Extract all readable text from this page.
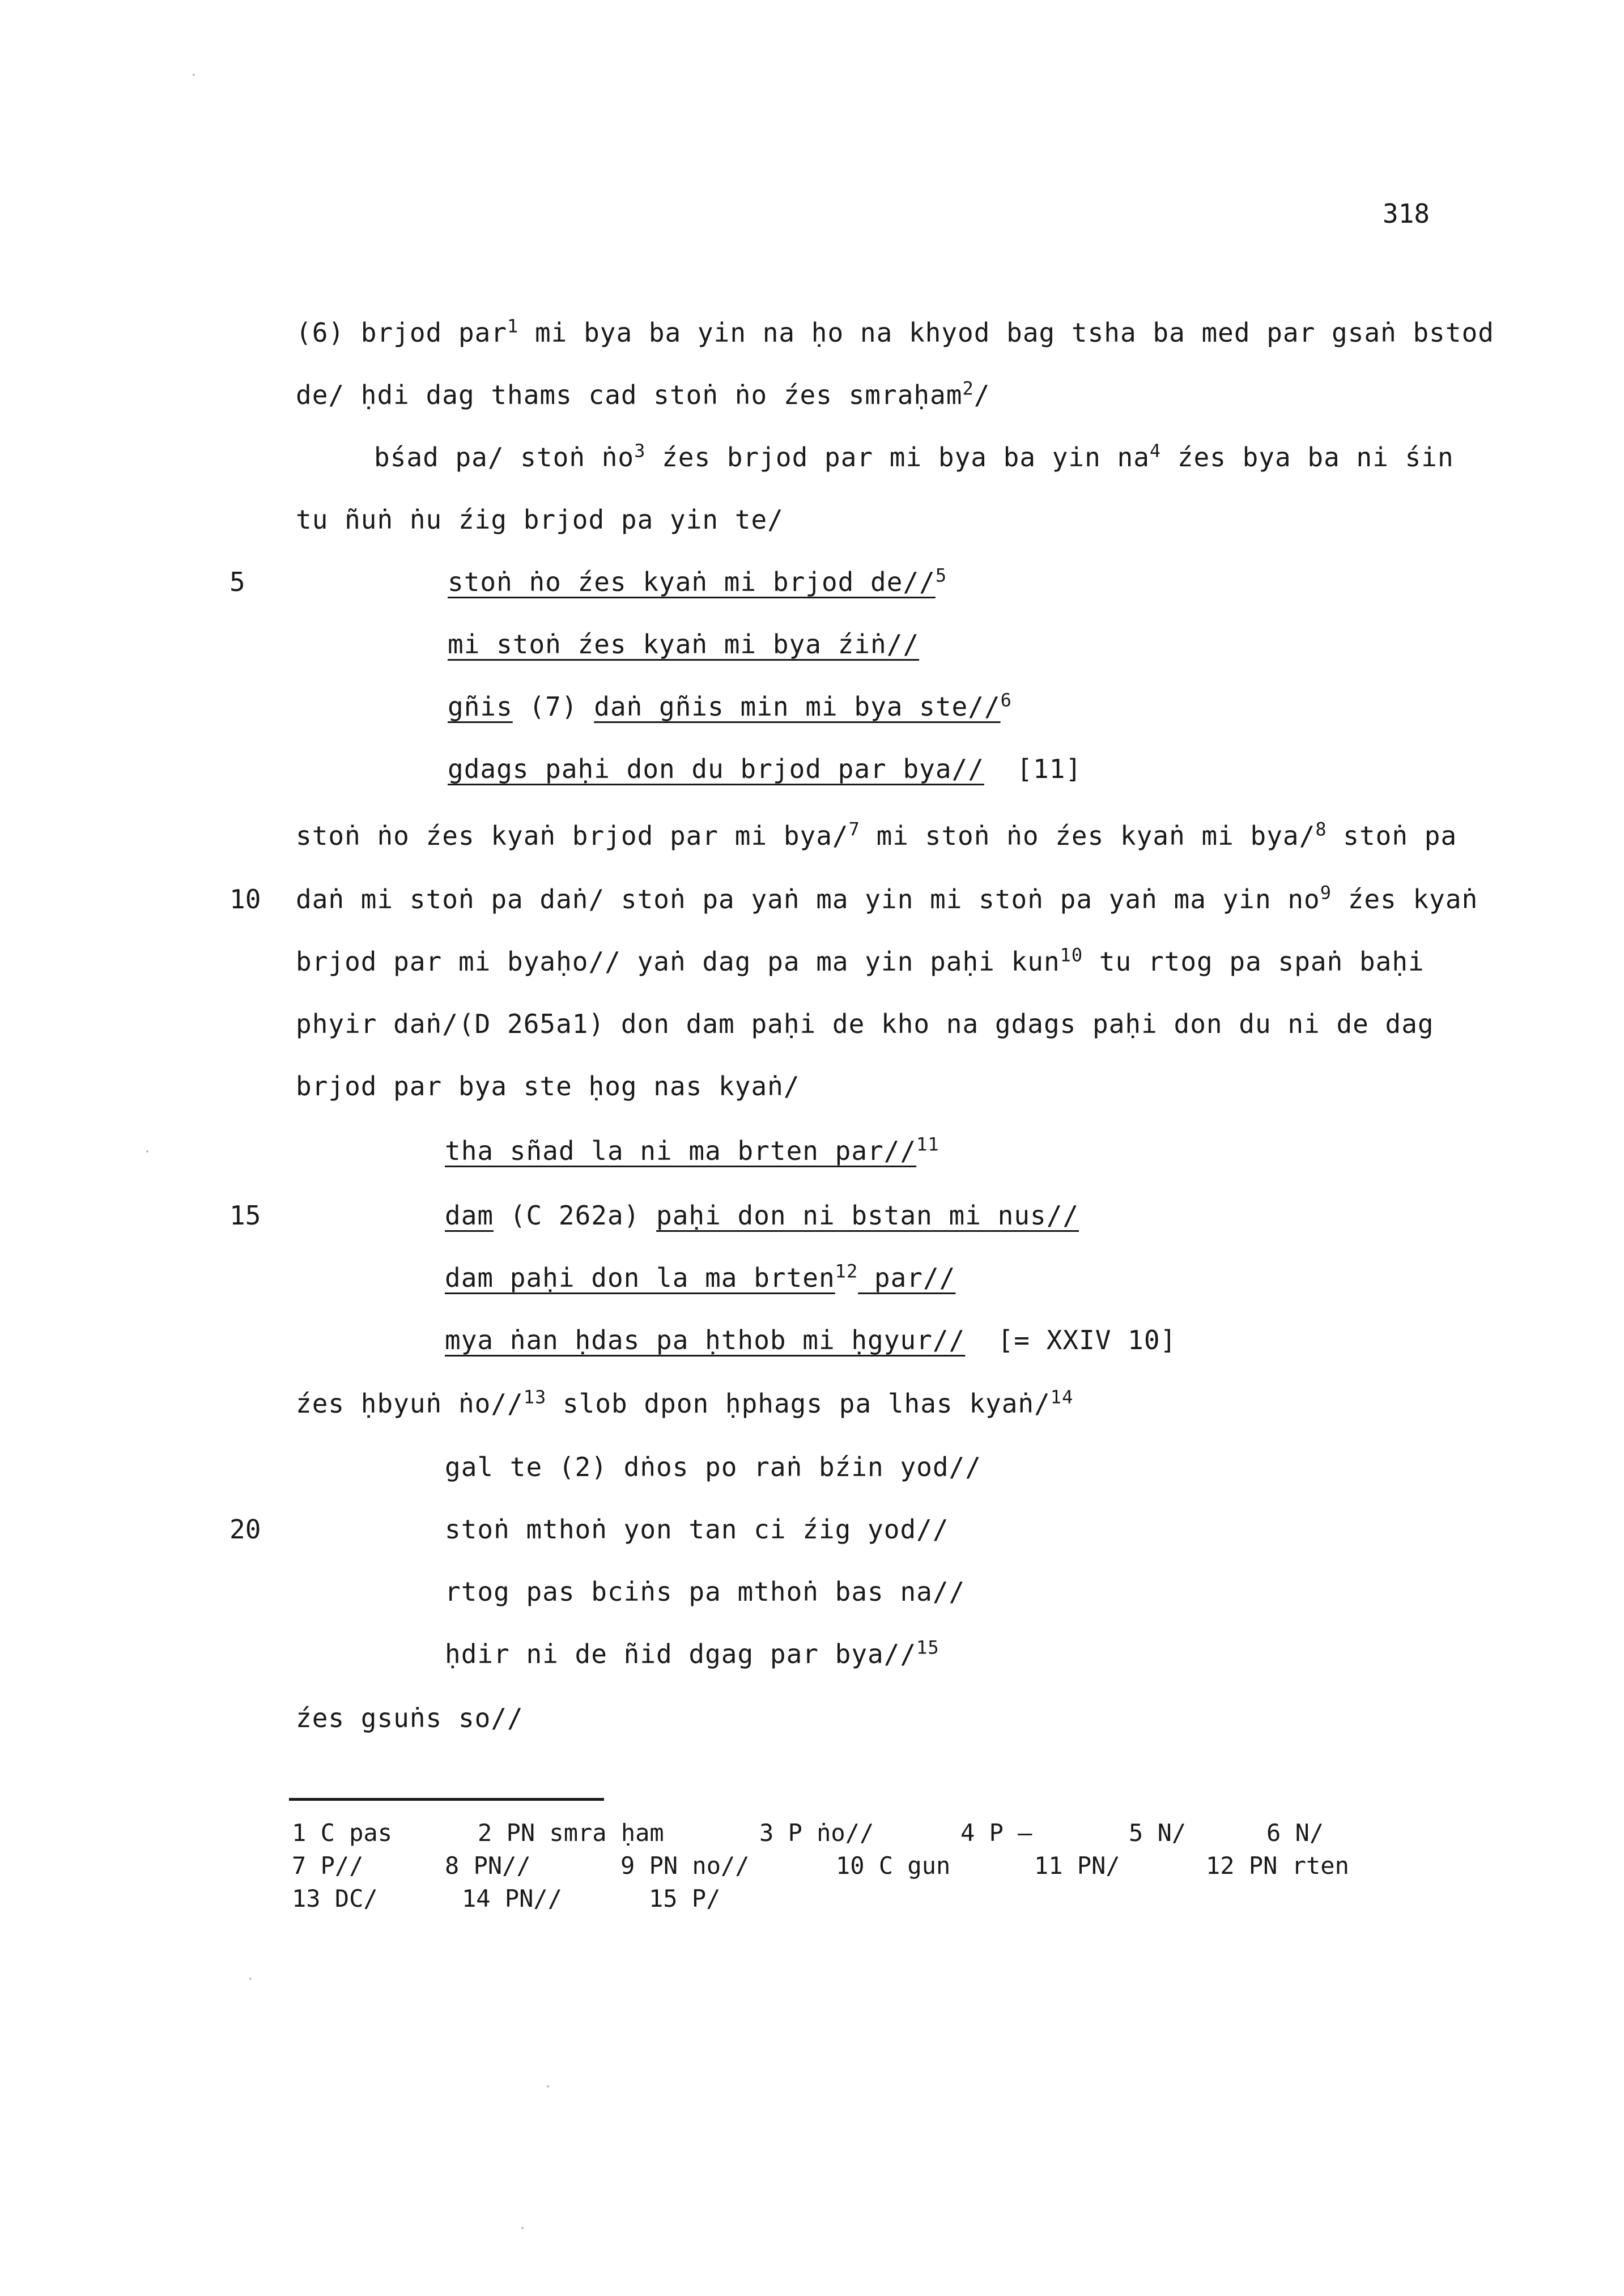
318
5
10
15
20
(6) brjod par$^1$ mi bya ba yin na ḥo na khyod bag tsha ba med par gsaṅ bstod
de/ ḥdi dag thams cad stoṅ ṅo źes smraḥam$^2$/
bśad pa/ stoṅ ṅo$^3$ źes brjod par mi bya ba yin $na^4$ źes bya ba ni śin
tu ñuṅ ṅu źig brjod pa yin te/
stoṅ ṅo źes kyaṅ mi brjod de//$^5$
mi stoṅ źes kyaṅ mi bya źiṅ//
gñis (7) daṅ gñis min mi bya ste//$^6$
gdags paḥi don du brjod par bya//  [11]
stoṅ ṅo źes kyaṅ brjod par mi bya/$^7$ mi stoṅ ṅo źes kyaṅ mi bya/$^8$ stoṅ pa
daṅ mi stoṅ pa daṅ/ stoṅ pa yaṅ ma yin mi stoṅ pa yaṅ ma yin $no^9$ źes kyaṅ
brjod par mi byaḥo// yaṅ dag pa ma yin paḥi kun$^{10}$ tu rtog pa spaṅ baḥi
phyir daṅ/(D 265a1) don dam paḥi de kho na gdags paḥi don du ni de dag
brjod par bya ste ḥog nas kyaṅ/
tha sñad la ni ma brten par//$^{11}$
dam (C 262a) paḥi don ni bstan mi nus//
dam paḥi don la ma brten$^{12}$ par//
mya ṅan ḥdas pa ḥthob mi ḥgyur//  [= XXIV 10]
źes ḥbyuṅ ṅo//$^{13}$ slob dpon ḥphags pa lhas kyaṅ/$^{14}$
gal te (2) dṅos po raṅ bźin yod//
stoṅ mthoṅ yon tan ci źig yod//
rtog pas bciṅs pa mthoṅ bas na//
ḥdir ni de ñid dgag par bya//$^{15}$
źes gsuṅs so//
1 C pas	2 PN smra ḥam	3 P ṅo//	4 P —	5 N/	6 N/
7 P//	8 PN//	9 PN no//	10 C gun	11 PN/	12 PN rten
13 DC/	14 PN//	15 P/
